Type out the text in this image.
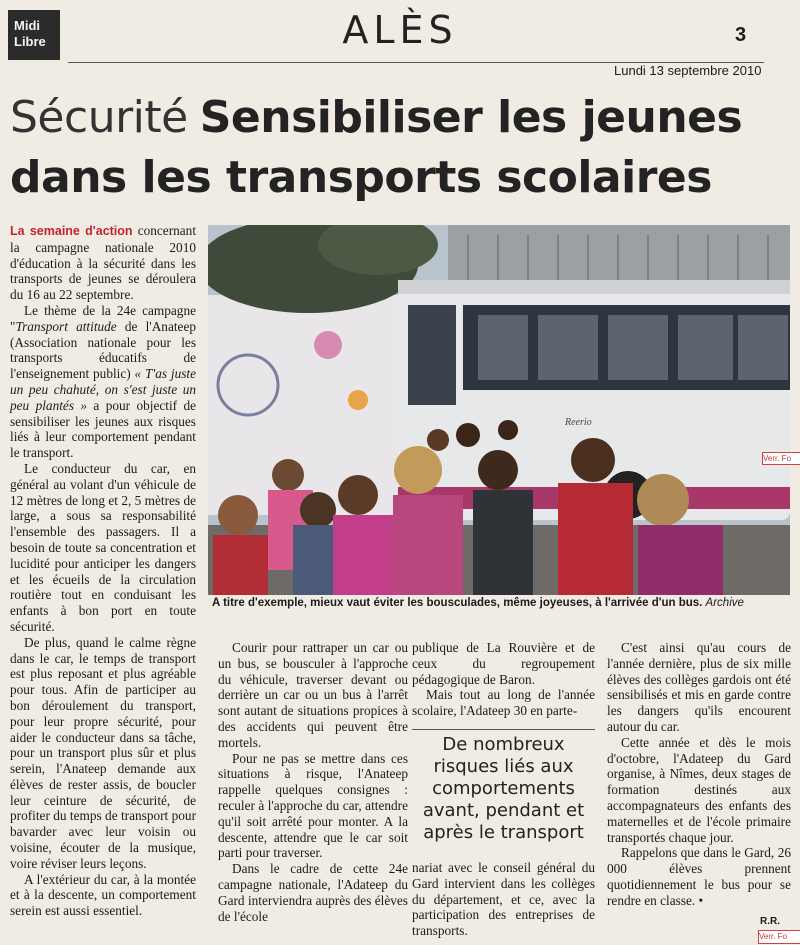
Midi Libre	ALÈS	3
Lundi 13 septembre 2010
Sécurité Sensibiliser les jeunes dans les transports scolaires

La semaine d'action concernant la campagne nationale 2010 d'éducation à la sécurité dans les transports de jeunes se déroulera du 16 au 22 septembre.

Le thème de la 24e campagne "Transport attitude de l'Anateep (Association nationale pour les transports éducatifs de l'enseignement public) « T'as juste un peu chahuté, on s'est juste un peu plantés » a pour objectif de sensibiliser les jeunes aux risques liés à leur comportement pendant le transport.

Le conducteur du car, en général au volant d'un véhicule de 12 mètres de long et 2, 5 mètres de large, a sous sa responsabilité l'ensemble des passagers. Il a besoin de toute sa concentration et lucidité pour anticiper les dangers et les écueils de la circulation routière tout en conduisant les enfants à bon port en toute sécurité.

De plus, quand le calme règne dans le car, le temps de transport est plus reposant et plus agréable pour tous. Afin de participer au bon déroulement du transport, pour leur propre sécurité, pour aider le conducteur dans sa tâche, pour un transport plus sûr et plus serein, l'Anateep demande aux élèves de rester assis, de boucler leur ceinture de sécurité, de profiter du temps de transport pour bavarder avec leur voisin ou voisine, écouter de la musique, voire réviser leurs leçons.

A l'extérieur du car, à la montée et à la descente, un comportement serein est aussi essentiel.

Reerio
A titre d'exemple, mieux vaut éviter les bousculades, même joyeuses, à l'arrivée d'un bus. Archive

Courir pour rattraper un car ou un bus, se bousculer à l'approche du véhicule, traverser devant ou derrière un car ou un bus à l'arrêt sont autant de situations propices à des accidents qui peuvent être mortels.

Pour ne pas se mettre dans ces situations à risque, l'Anateep rappelle quelques consignes : reculer à l'approche du car, attendre qu'il soit arrêté pour monter. A la descente, attendre que le car soit parti pour traverser.

Dans le cadre de cette 24e campagne nationale, l'Adateep du Gard interviendra auprès des élèves de l'école

publique de La Rouvière et de ceux du regroupement pédagogique de Baron.

Mais tout au long de l'année scolaire, l'Adateep 30 en parte-

De nombreux risques liés aux comportements avant, pendant et après le transport

nariat avec le conseil général du Gard intervient dans les collèges du département, et ce, avec la participation des entreprises de transports.

C'est ainsi qu'au cours de l'année dernière, plus de six mille élèves des collèges gardois ont été sensibilisés et mis en garde contre les dangers qu'ils encourent autour du car.

Cette année et dès le mois d'octobre, l'Adateep du Gard organise, à Nîmes, deux stages de formation destinés aux accompagnateurs des enfants des maternelles et de l'école primaire transportés chaque jour.

Rappelons que dans le Gard, 26 000 élèves prennent quotidiennement le bus pour se rendre en classe. •

R.R.
Verr. Fo
Verr. Fo
